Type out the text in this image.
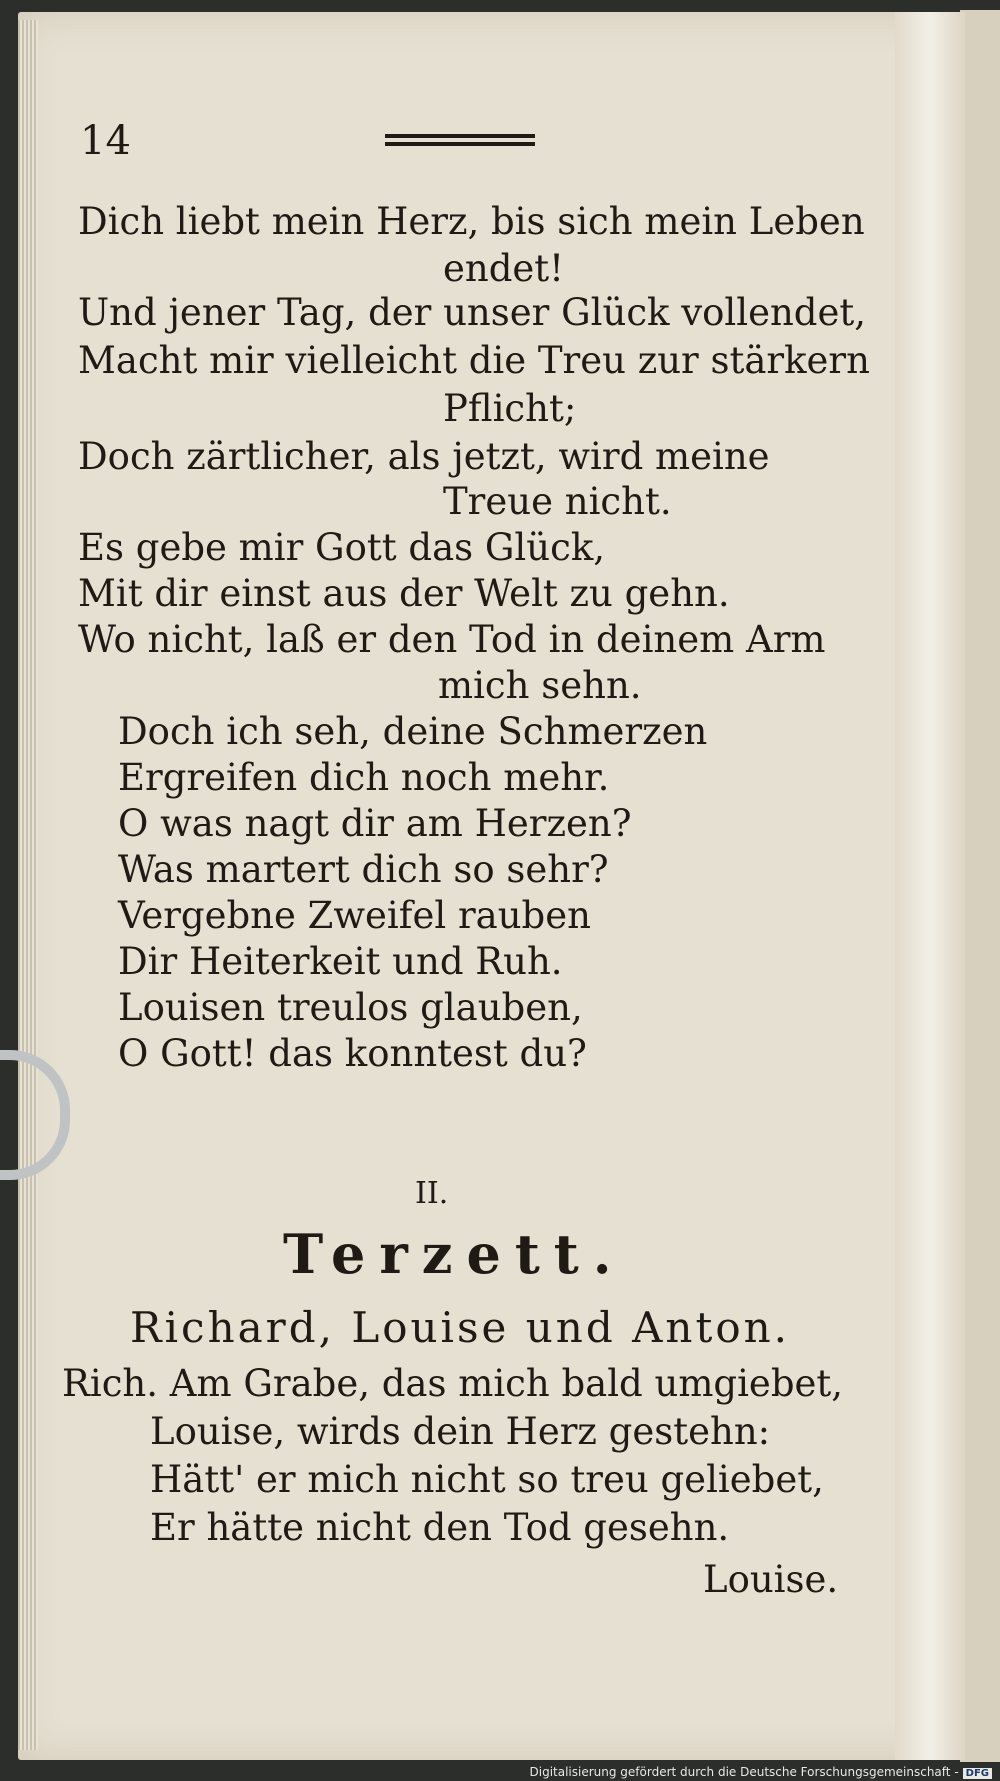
14
Dich liebt mein Herz, bis sich mein Leben
endet!
Und jener Tag, der unser Glück vollendet,
Macht mir vielleicht die Treu zur stärkern
Pflicht;
Doch zärtlicher, als jetzt, wird meine
Treue nicht.
Es gebe mir Gott das Glück,
Mit dir einst aus der Welt zu gehn.
Wo nicht, laß er den Tod in deinem Arm
mich sehn.
Doch ich seh, deine Schmerzen
Ergreifen dich noch mehr.
O was nagt dir am Herzen?
Was martert dich so sehr?
Vergebne Zweifel rauben
Dir Heiterkeit und Ruh.
Louisen treulos glauben,
O Gott! das konntest du?
II.
Terzett.
Richard, Louise und Anton.
Rich. Am Grabe, das mich bald umgiebet,
Louise, wirds dein Herz gestehn:
Hätt' er mich nicht so treu geliebet,
Er hätte nicht den Tod gesehn.
Louise.
Digitalisierung gefördert durch die Deutsche Forschungsgemeinschaft - DFG
